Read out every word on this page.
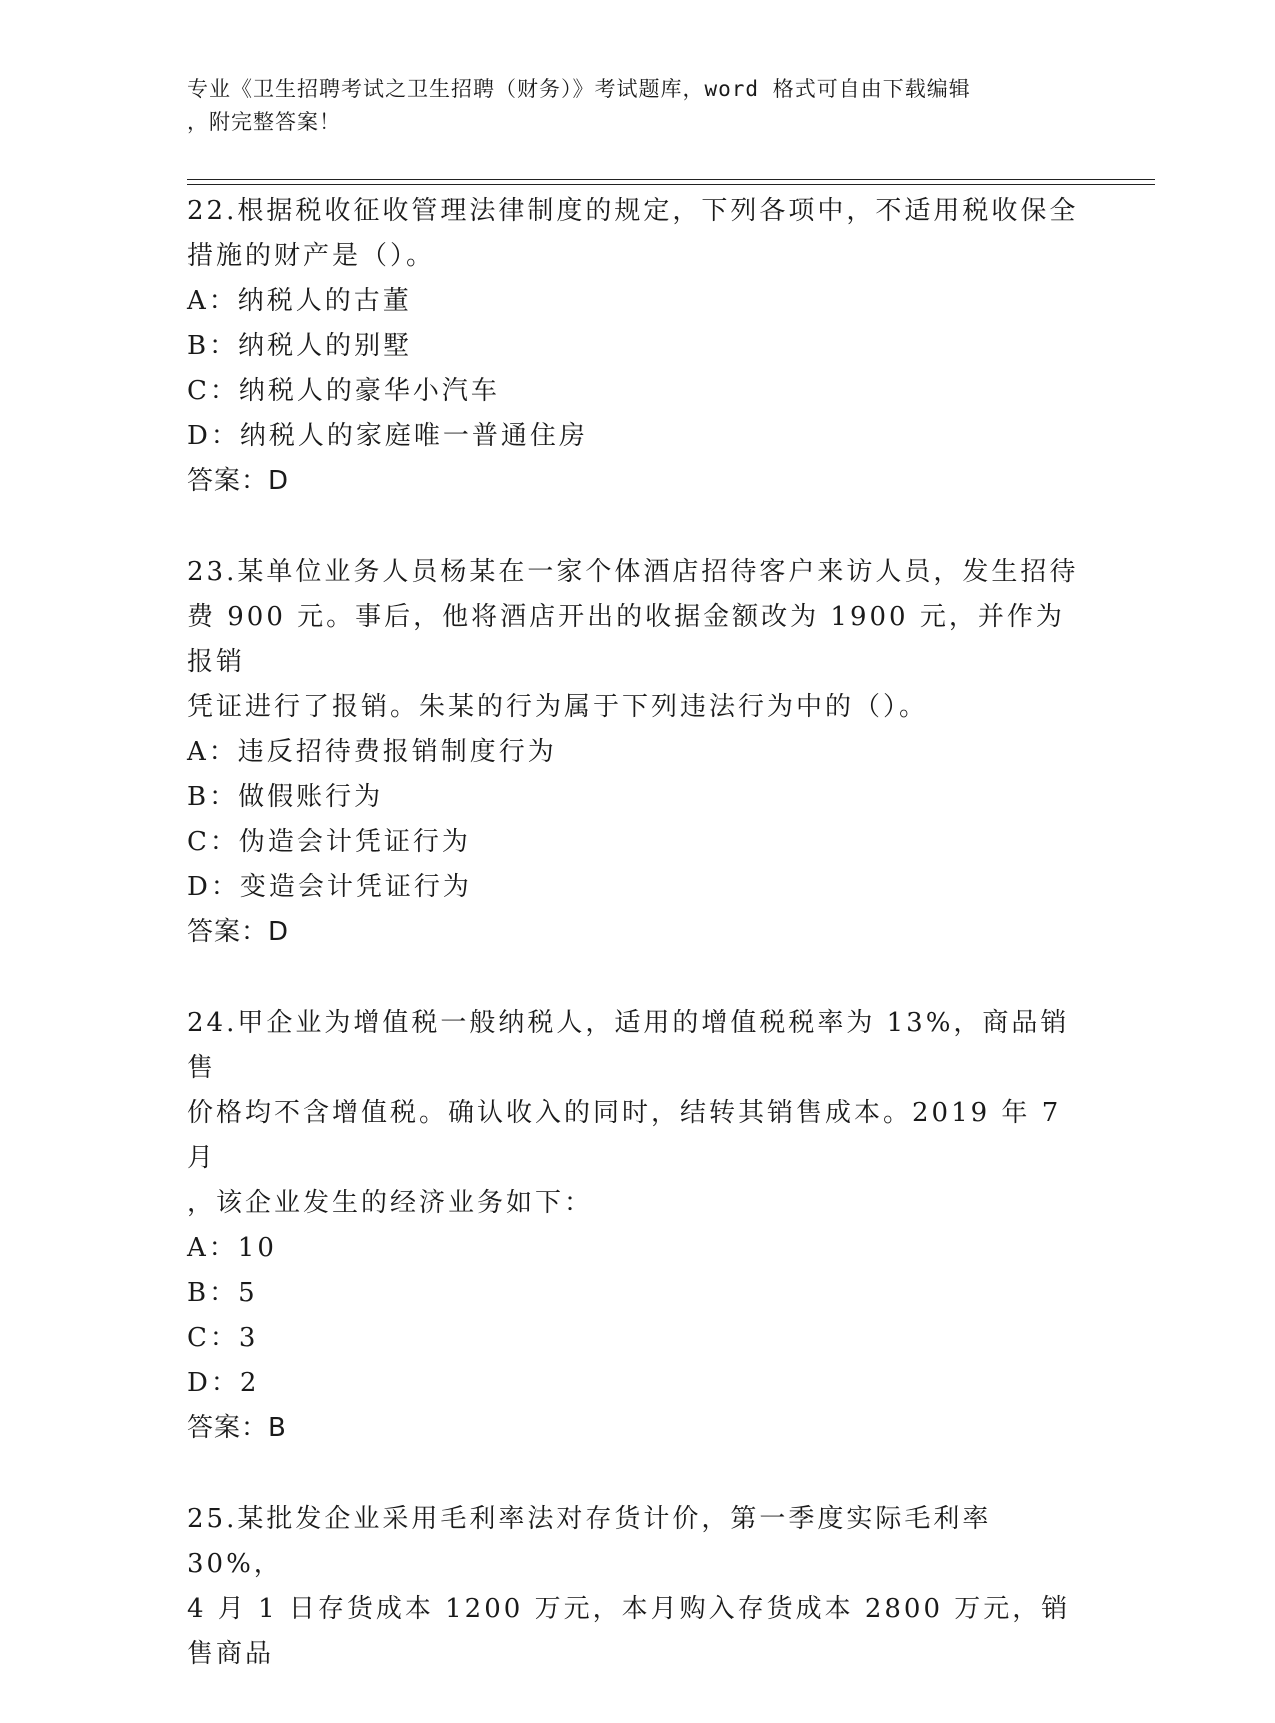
专业《卫生招聘考试之卫生招聘（财务）》考试题库，word 格式可自由下载编辑
，附完整答案！

22.根据税收征收管理法律制度的规定，下列各项中，不适用税收保全

措施的财产是（）。

A：纳税人的古董

B：纳税人的别墅

C：纳税人的豪华小汽车

D：纳税人的家庭唯一普通住房

答案：D

23.某单位业务人员杨某在一家个体酒店招待客户来访人员，发生招待

费 900 元。事后，他将酒店开出的收据金额改为 1900 元，并作为报销

凭证进行了报销。朱某的行为属于下列违法行为中的（）。

A：违反招待费报销制度行为

B：做假账行为

C：伪造会计凭证行为

D：变造会计凭证行为

答案：D

24.甲企业为增值税一般纳税人，适用的增值税税率为 13%，商品销售

价格均不含增值税。确认收入的同时，结转其销售成本。2019 年 7 月

，该企业发生的经济业务如下：

A：10

B：5

C：3

D：2

答案：B

25.某批发企业采用毛利率法对存货计价，第一季度实际毛利率 30%，

4 月 1 日存货成本 1200 万元，本月购入存货成本 2800 万元，销售商品
